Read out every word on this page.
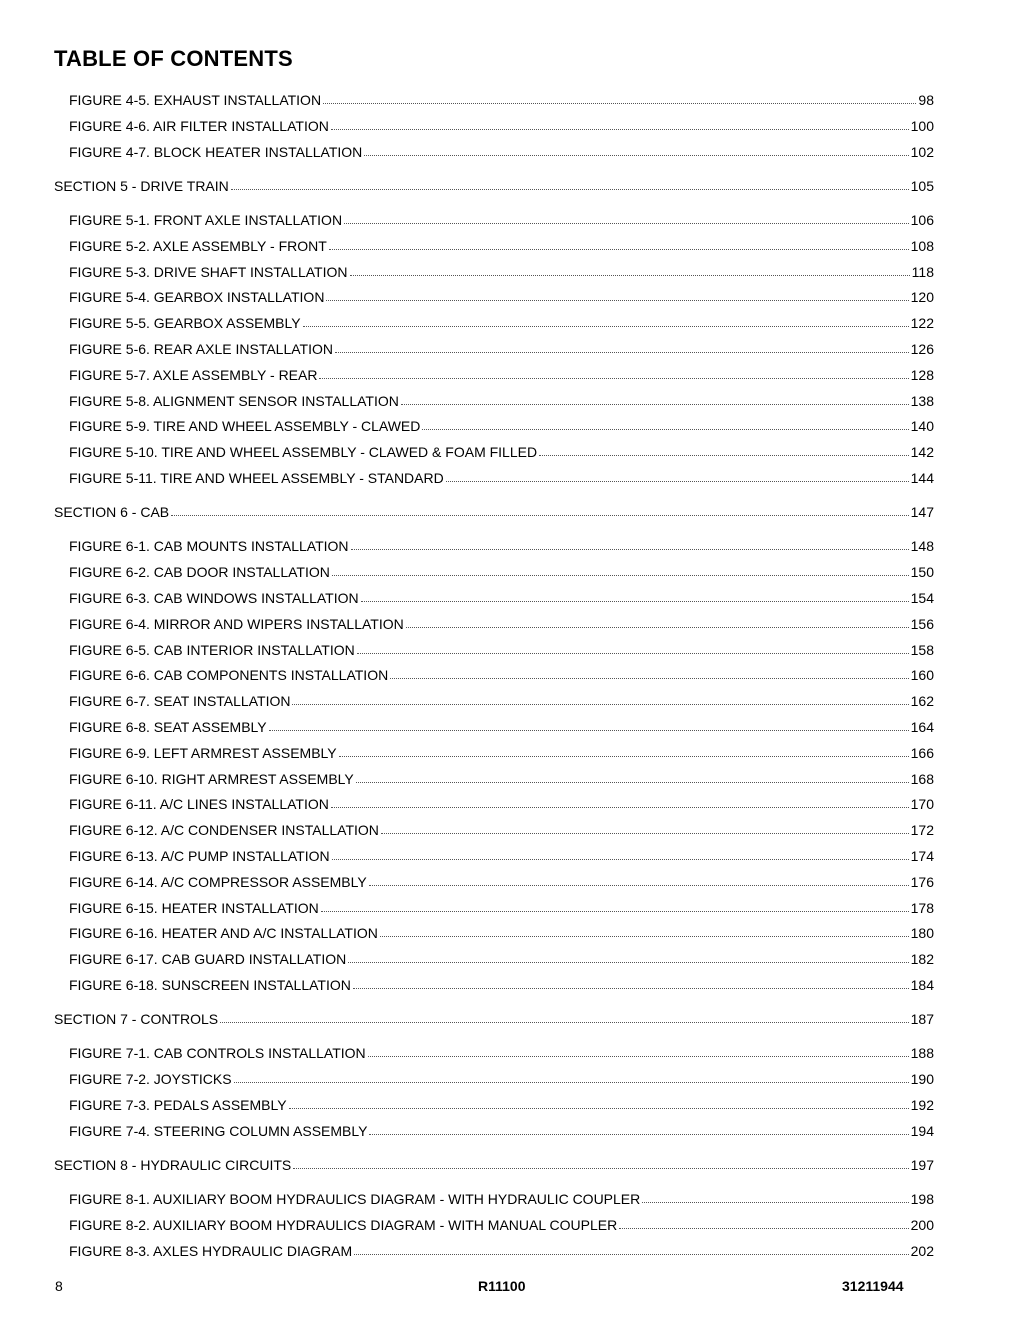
TABLE OF CONTENTS
FIGURE 4-5. EXHAUST INSTALLATION	98
FIGURE 4-6. AIR FILTER INSTALLATION	100
FIGURE 4-7. BLOCK HEATER INSTALLATION	102
SECTION 5 - DRIVE TRAIN	105
FIGURE 5-1. FRONT AXLE INSTALLATION	106
FIGURE 5-2. AXLE ASSEMBLY - FRONT	108
FIGURE 5-3. DRIVE SHAFT INSTALLATION	118
FIGURE 5-4. GEARBOX INSTALLATION	120
FIGURE 5-5. GEARBOX ASSEMBLY	122
FIGURE 5-6. REAR AXLE INSTALLATION	126
FIGURE 5-7. AXLE ASSEMBLY - REAR	128
FIGURE 5-8. ALIGNMENT SENSOR INSTALLATION	138
FIGURE 5-9. TIRE AND WHEEL ASSEMBLY - CLAWED	140
FIGURE 5-10. TIRE AND WHEEL ASSEMBLY - CLAWED & FOAM FILLED	142
FIGURE 5-11. TIRE AND WHEEL ASSEMBLY - STANDARD	144
SECTION 6 - CAB	147
FIGURE 6-1. CAB MOUNTS INSTALLATION	148
FIGURE 6-2. CAB DOOR INSTALLATION	150
FIGURE 6-3. CAB WINDOWS INSTALLATION	154
FIGURE 6-4. MIRROR AND WIPERS INSTALLATION	156
FIGURE 6-5. CAB INTERIOR INSTALLATION	158
FIGURE 6-6. CAB COMPONENTS INSTALLATION	160
FIGURE 6-7. SEAT INSTALLATION	162
FIGURE 6-8. SEAT ASSEMBLY	164
FIGURE 6-9. LEFT ARMREST ASSEMBLY	166
FIGURE 6-10. RIGHT ARMREST ASSEMBLY	168
FIGURE 6-11. A/C LINES INSTALLATION	170
FIGURE 6-12. A/C CONDENSER INSTALLATION	172
FIGURE 6-13. A/C PUMP INSTALLATION	174
FIGURE 6-14. A/C COMPRESSOR ASSEMBLY	176
FIGURE 6-15. HEATER INSTALLATION	178
FIGURE 6-16. HEATER AND A/C INSTALLATION	180
FIGURE 6-17. CAB GUARD INSTALLATION	182
FIGURE 6-18. SUNSCREEN INSTALLATION	184
SECTION 7 - CONTROLS	187
FIGURE 7-1. CAB CONTROLS INSTALLATION	188
FIGURE 7-2. JOYSTICKS	190
FIGURE 7-3. PEDALS ASSEMBLY	192
FIGURE 7-4. STEERING COLUMN ASSEMBLY	194
SECTION 8 - HYDRAULIC CIRCUITS	197
FIGURE 8-1. AUXILIARY BOOM HYDRAULICS DIAGRAM - WITH HYDRAULIC COUPLER	198
FIGURE 8-2. AUXILIARY BOOM HYDRAULICS DIAGRAM - WITH MANUAL COUPLER	200
FIGURE 8-3. AXLES HYDRAULIC DIAGRAM	202
8	R11100	31211944
